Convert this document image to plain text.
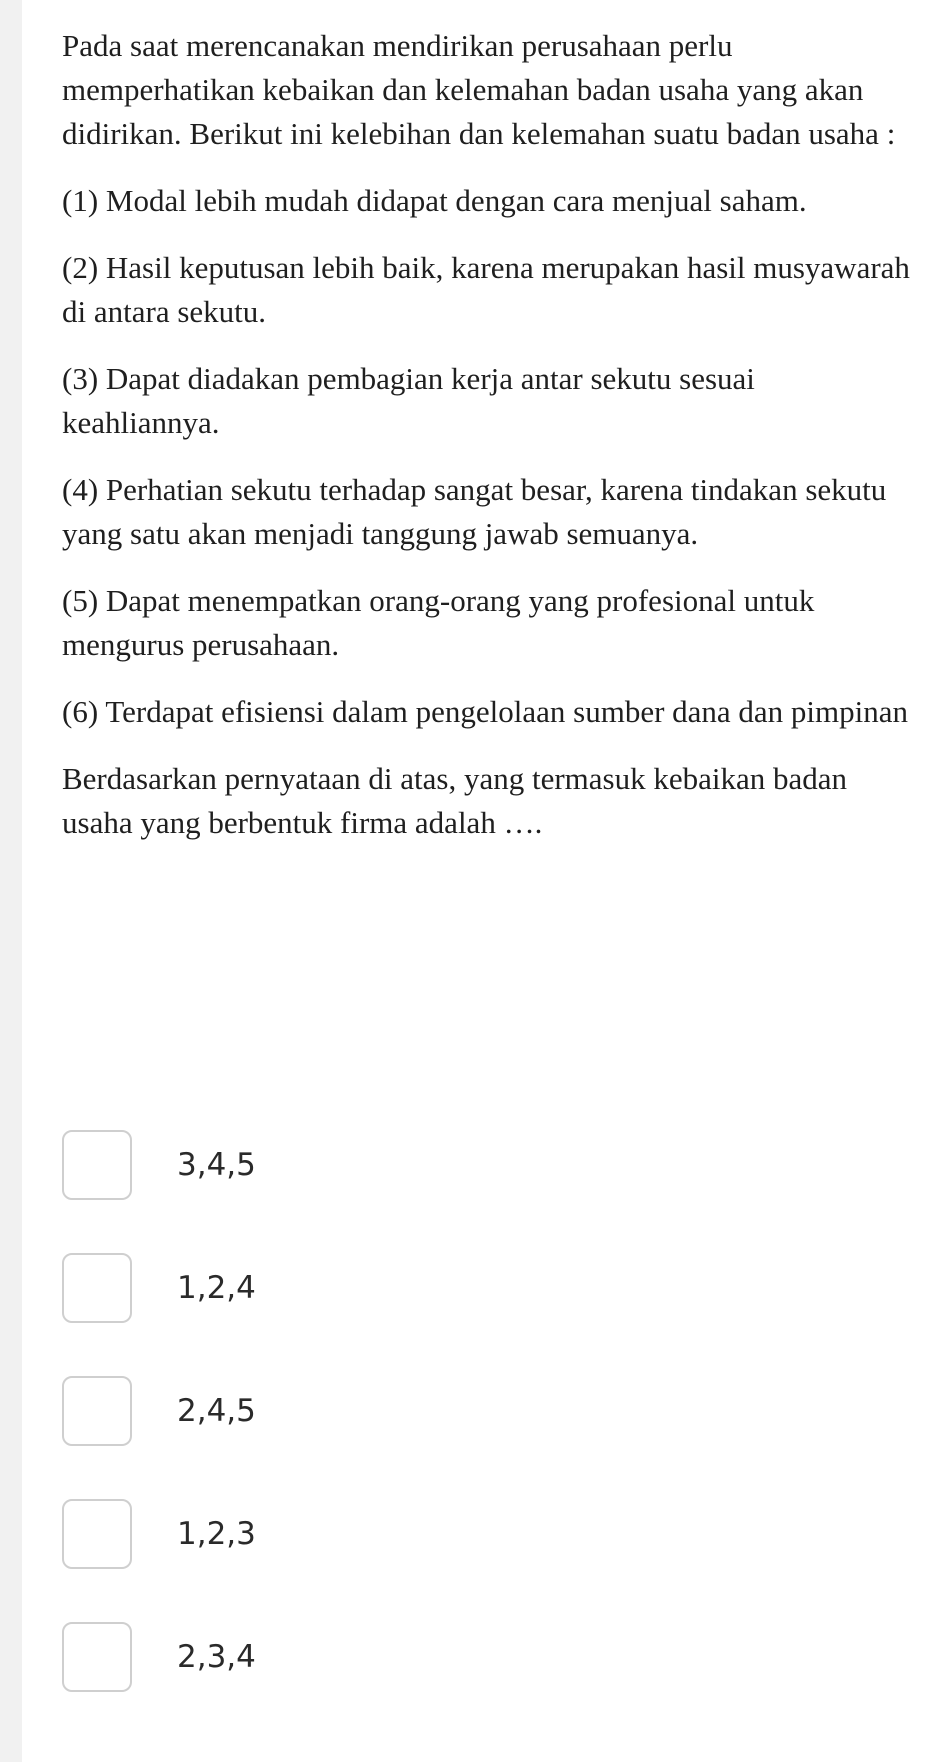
Pada saat merencanakan mendirikan perusahaan perlu memperhatikan kebaikan dan kelemahan badan usaha yang akan didirikan. Berikut ini kelebihan dan kelemahan suatu badan usaha :

(1) Modal lebih mudah didapat dengan cara menjual saham.

(2) Hasil keputusan lebih baik, karena merupakan hasil musyawarah di antara sekutu.

(3) Dapat diadakan pembagian kerja antar sekutu sesuai keahliannya.

(4) Perhatian sekutu terhadap sangat besar, karena tindakan sekutu yang satu akan menjadi tanggung jawab semuanya.

(5) Dapat menempatkan orang-orang yang profesional untuk mengurus perusahaan.

(6) Terdapat efisiensi dalam pengelolaan sumber dana dan pimpinan

Berdasarkan pernyataan di atas, yang termasuk kebaikan badan usaha yang berbentuk firma adalah ….

3,4,5
1,2,4
2,4,5
1,2,3
2,3,4
